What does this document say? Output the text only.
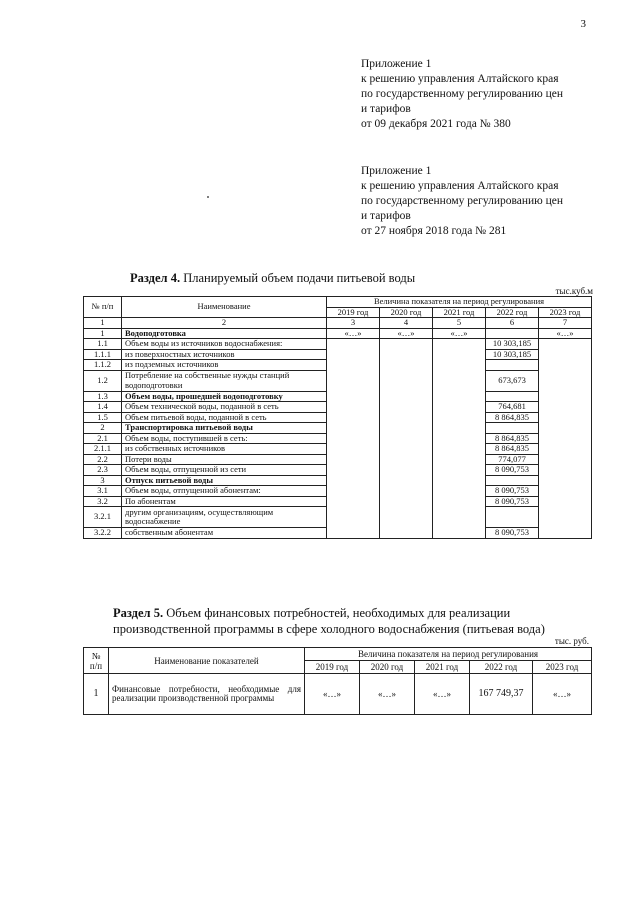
3
Приложение 1
к решению управления Алтайского края
по государственному регулированию цен
и тарифов
от 09 декабря 2021 года № 380
Приложение 1
к решению управления Алтайского края
по государственному регулированию цен
и тарифов
от 27 ноября 2018 года № 281
Раздел 4. Планируемый объем подачи питьевой воды
тыс.куб.м
№ п/п	Наименование	Величина показателя на период регулирования				
		2019 год	2020 год	2021 год	2022 год	2023 год
1	2	3	4	5	6	7
1	Водоподготовка	«…»	«…»	«…»		«…»
1.1	Объем воды из источников водоснабжения:				10 303,185	
1.1.1	из поверхностных источников				10 303,185	
1.1.2	из подземных источников					
1.2	Потребление на собственные нужды станций водоподготовки				673,673	
1.3	Объем воды, прошедшей водоподготовку					
1.4	Объем технической воды, поданной в сеть				764,681	
1.5	Объем питьевой воды, поданной в сеть				8 864,835	
2	Транспортировка питьевой воды					
2.1	Объем воды, поступившей в сеть:				8 864,835	
2.1.1	из собственных источников				8 864,835	
2.2	Потери воды				774,077	
2.3	Объем воды, отпущенной из сети				8 090,753	
3	Отпуск питьевой воды					
3.1	Объем воды, отпущенной абонентам:				8 090,753	
3.2	По абонентам				8 090,753	
3.2.1	другим организациям, осуществляющим водоснабжение					
3.2.2	собственным абонентам				8 090,753	
Раздел 5. Объем финансовых потребностей, необходимых для реализации производственной программы в сфере холодного водоснабжения (питьевая вода)
тыс. руб.
№ п/п	Наименование показателей	Величина показателя на период регулирования				
		2019 год	2020 год	2021 год	2022 год	2023 год
1	Финансовые потребности, необходимые для реализации производственной программы	«…»	«…»	«…»	167 749,37	«…»
